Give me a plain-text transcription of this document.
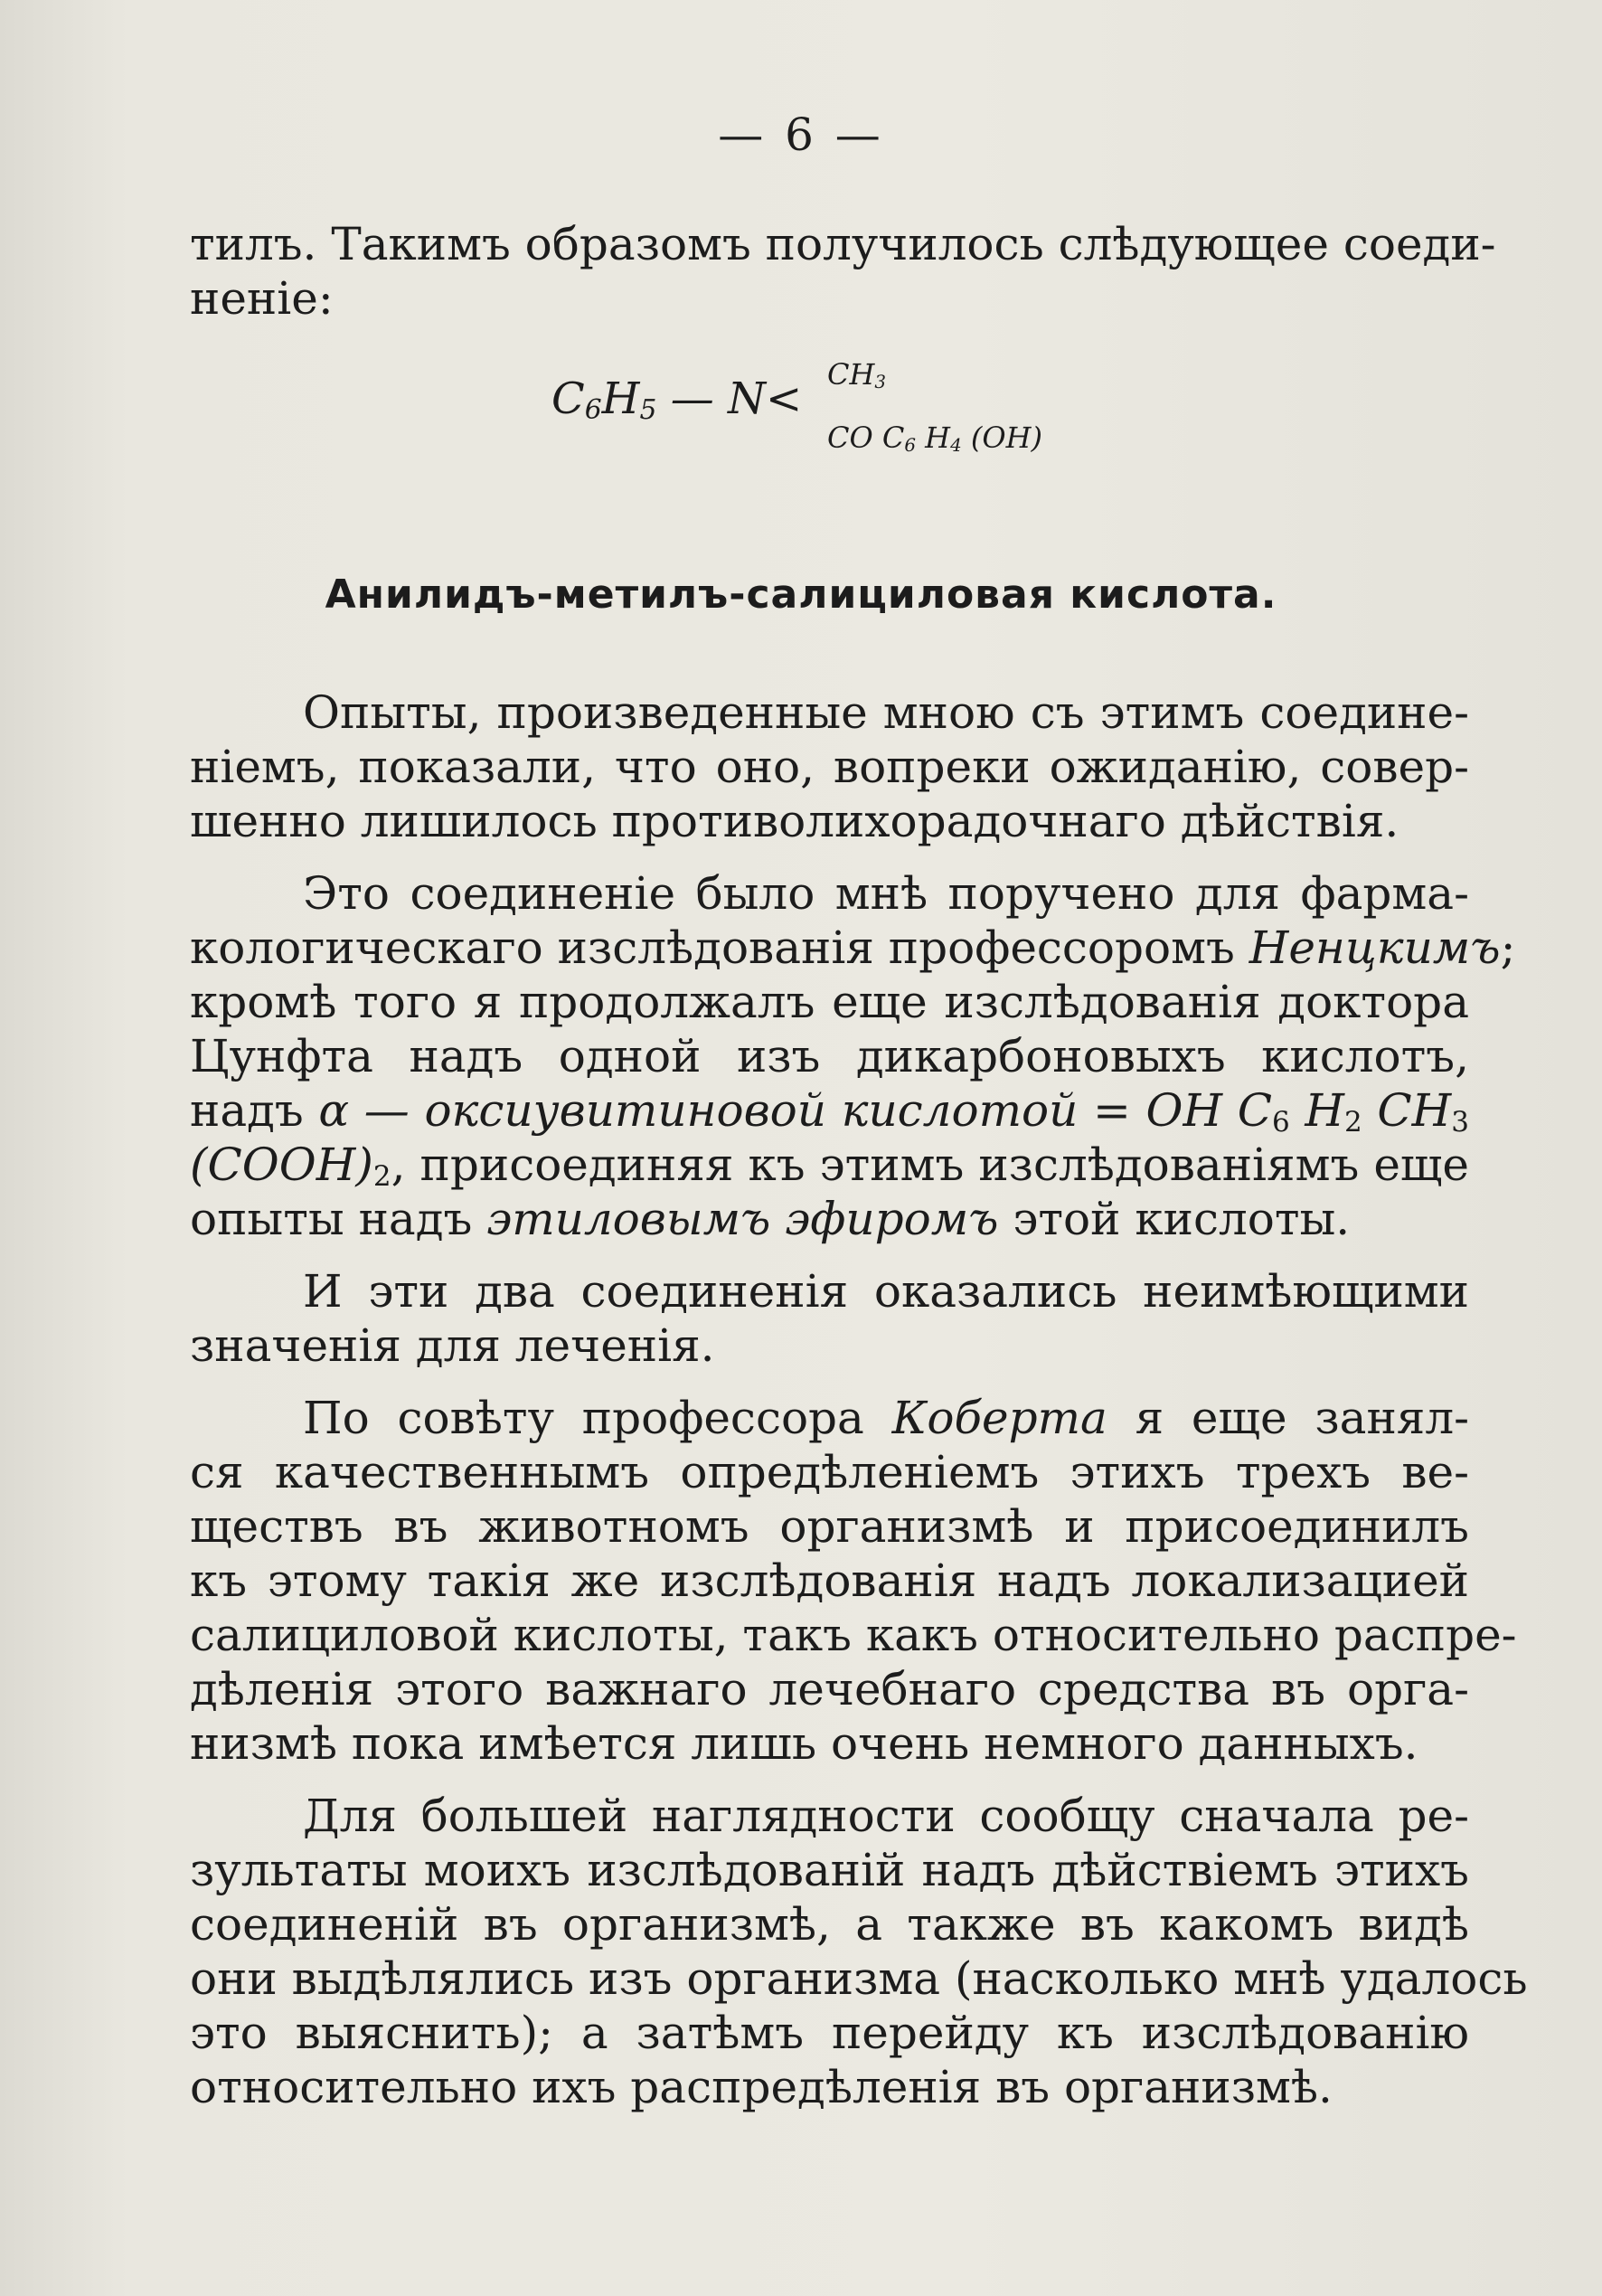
— 6 —
тилъ. Такимъ образомъ получилось слѣдующее соеди-
неніе:
$C_6H_5$ — $N< CH_3$
CO $C_6$ $H_4$ (OH)
Анилидъ-метилъ-салициловая кислота.
Опыты, произведенные мною съ этимъ соедине-
ніемъ, показали, что оно, вопреки ожиданію, совер-
шенно лишилось противолихорадочнаго дѣйствія.
Это соединеніе было мнѣ поручено для фарма-
кологическаго изслѣдованія профессоромъ Ненцкимъ;
кромѣ того я продолжалъ еще изслѣдованія доктора
Цунфта надъ одной изъ дикарбоновыхъ кислотъ,
надъ α — оксиувитиновой кислотой = OH $C_6$ $H_2$ $CH_3$
$(COOH)_2$, присоединяя къ этимъ изслѣдованіямъ еще
опыты надъ этиловымъ эфиромъ этой кислоты.
И эти два соединенія оказались неимѣющими
значенія для леченія.
По совѣту профессора Коберта я еще занял-
ся качественнымъ опредѣленіемъ этихъ трехъ ве-
ществъ въ животномъ организмѣ и присоединилъ
къ этому такія же изслѣдованія надъ локализацией
салициловой кислоты, такъ какъ относительно распре-
дѣленія этого важнаго лечебнаго средства въ орга-
низмѣ пока имѣется лишь очень немного данныхъ.
Для большей наглядности сообщу сначала ре-
зультаты моихъ изслѣдованій надъ дѣйствіемъ этихъ
соединеній въ организмѣ, а также въ какомъ видѣ
они выдѣлялись изъ организма (насколько мнѣ удалось
это выяснить); а затѣмъ перейду къ изслѣдованію
относительно ихъ распредѣленія въ организмѣ.
